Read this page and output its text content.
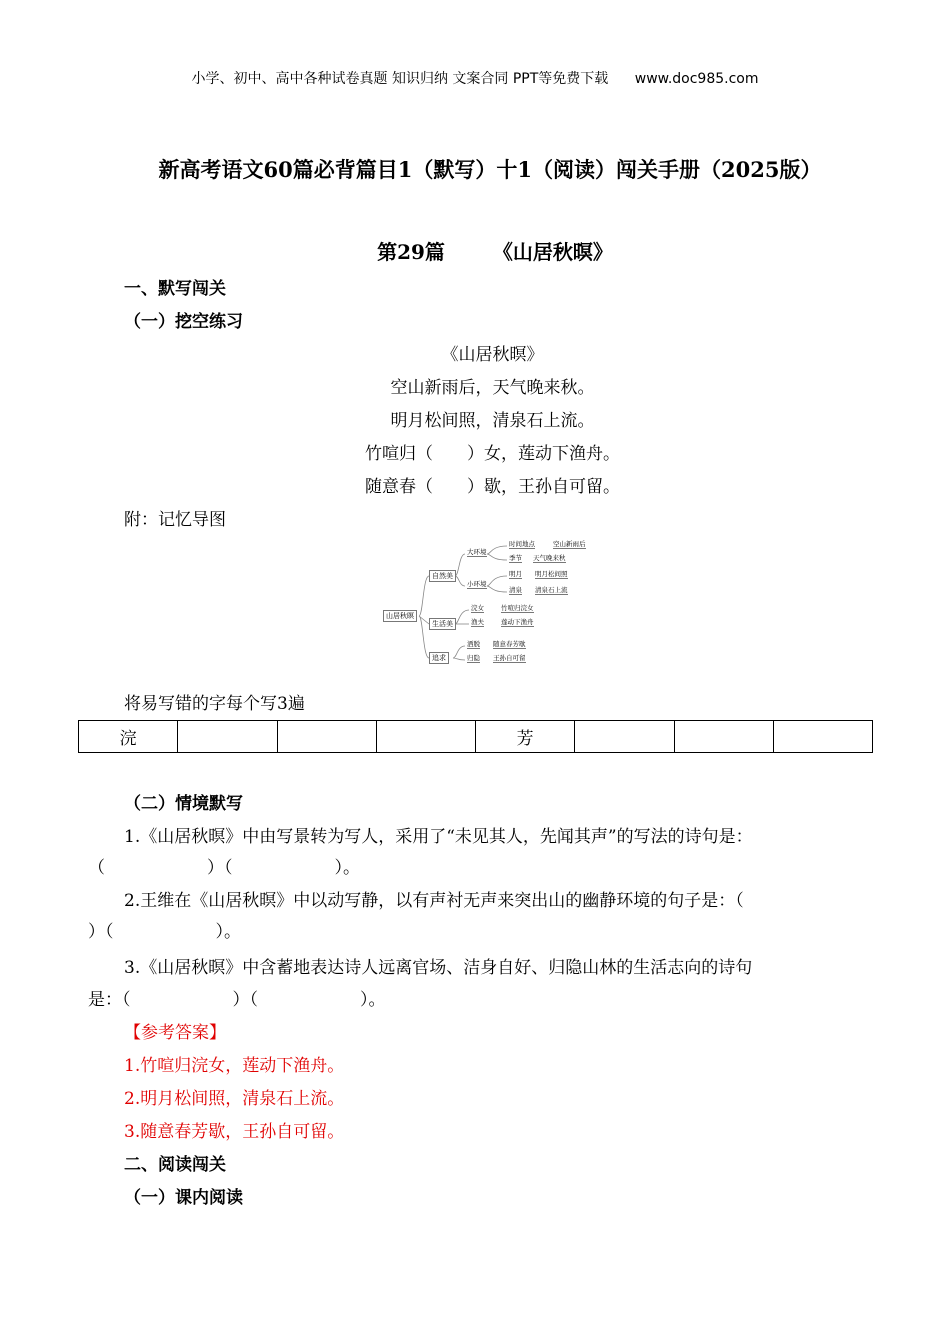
小学、初中、高中各种试卷真题 知识归纳 文案合同 PPT等免费下载 www.doc985.com
新高考语文60篇必背篇目1（默写）十1（阅读）闯关手册（2025版）
第29篇 《山居秋暝》
一、默写闯关
（一）挖空练习
《山居秋暝》
空山新雨后，天气晚来秋。
明月松间照，清泉石上流。
竹喧归（　　）女，莲动下渔舟。
随意春（　　）歇，王孙自可留。
附：记忆导图
山居秋暝
自然美
生活美
追求
大环境
小环境
时间地点	空山新雨后
季节 天气晚来秋
明月 明月松间照
清泉 清泉石上流
浣女	竹喧归浣女
渔夫	莲动下渔舟
洒脱 随意春芳歇
归隐 王孙自可留
将易写错的字每个写3遍
浣				芳			
（二）情境默写
1.《山居秋暝》中由写景转为写人，采用了“未见其人，先闻其声”的写法的诗句是：
（　　　　　　）（　　　　　　）。
2.王维在《山居秋暝》中以动写静，以有声衬无声来突出山的幽静环境的句子是：（
）（　　　　　　）。
3.《山居秋暝》中含蓄地表达诗人远离官场、洁身自好、归隐山林的生活志向的诗句
是：（　　　　　　）（　　　　　　）。
【参考答案】
1.竹喧归浣女，莲动下渔舟。
2.明月松间照，清泉石上流。
3.随意春芳歇，王孙自可留。
二、阅读闯关
（一）课内阅读
